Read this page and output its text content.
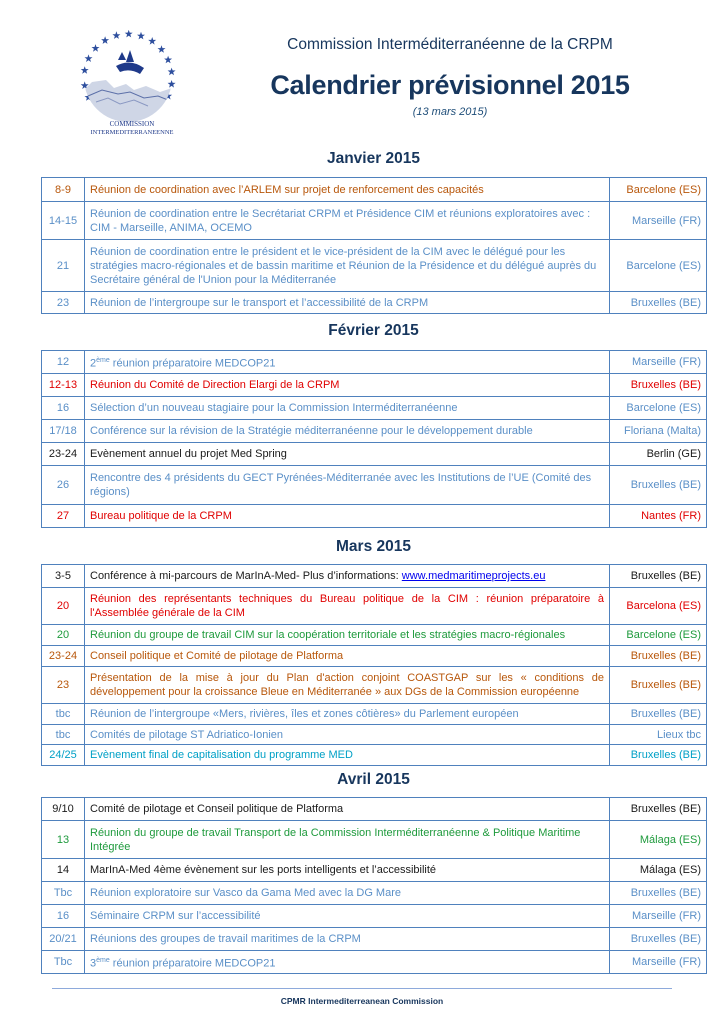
COMMISSION
INTERMEDITERRANEENNE
Commission Interméditerranéenne de la CRPM
Calendrier prévisionnel 2015
(13 mars 2015)
Janvier 2015
8-9	Réunion de coordination avec l’ARLEM sur projet de renforcement des capacités	Barcelone (ES)
14-15	Réunion de coordination entre le Secrétariat CRPM et Présidence CIM et réunions exploratoires avec : CIM - Marseille, ANIMA, OCEMO	Marseille (FR)
21	Réunion de coordination entre le président et le vice-président de la CIM avec le délégué pour les stratégies macro-régionales et de bassin maritime et Réunion de la Présidence et du délégué auprès du Secrétaire général de l'Union pour la Méditerranée	Barcelone (ES)
23	Réunion de l’intergroupe sur le transport et l’accessibilité de la CRPM	Bruxelles (BE)
Février 2015
12	2ème réunion préparatoire MEDCOP21	Marseille (FR)
12-13	Réunion du Comité de Direction Elargi de la CRPM	Bruxelles (BE)
16	Sélection d’un nouveau stagiaire pour la Commission Interméditerranéenne	Barcelone (ES)
17/18	Conférence sur la révision de la Stratégie méditerranéenne pour le développement durable	Floriana (Malta)
23-24	Evènement annuel du projet Med Spring	Berlin (GE)
26	Rencontre des 4 présidents du GECT Pyrénées-Méditerranée avec les Institutions de l’UE (Comité des régions)	Bruxelles (BE)
27	Bureau politique de la CRPM	Nantes (FR)
Mars 2015
3-5	Conférence à mi-parcours de MarInA-Med- Plus d’informations: www.medmaritimeprojects.eu	Bruxelles (BE)
20	Réunion des représentants techniques du Bureau politique de la CIM : réunion préparatoire à l'Assemblée générale de la CIM	Barcelona (ES)
20	Réunion du groupe de travail CIM sur la coopération territoriale et les stratégies macro-régionales	Barcelone (ES)
23-24	Conseil politique et Comité de pilotage de Platforma	Bruxelles (BE)
23	Présentation de la mise à jour du Plan d'action conjoint COASTGAP sur les « conditions de développement pour la croissance Bleue en Méditerranée » aux DGs de la Commission européenne	Bruxelles (BE)
tbc	Réunion de l’intergroupe «Mers, rivières, îles et zones côtières» du Parlement européen	Bruxelles (BE)
tbc	Comités de pilotage ST Adriatico-Ionien	Lieux tbc
24/25	Evènement final de capitalisation du programme MED	Bruxelles (BE)
Avril 2015
9/10	Comité de pilotage et Conseil politique de Platforma	Bruxelles (BE)
13	Réunion du groupe de travail Transport de la Commission Interméditerranéenne & Politique Maritime Intégrée	Málaga (ES)
14	MarInA-Med 4ème évènement sur les ports intelligents et l’accessibilité	Málaga (ES)
Tbc	Réunion exploratoire sur Vasco da Gama Med avec la DG Mare	Bruxelles (BE)
16	Séminaire CRPM sur l’accessibilité	Marseille (FR)
20/21	Réunions des groupes de travail maritimes de la CRPM	Bruxelles (BE)
Tbc	3ème réunion préparatoire MEDCOP21	Marseille (FR)
CPMR Intermediterreanean Commission
